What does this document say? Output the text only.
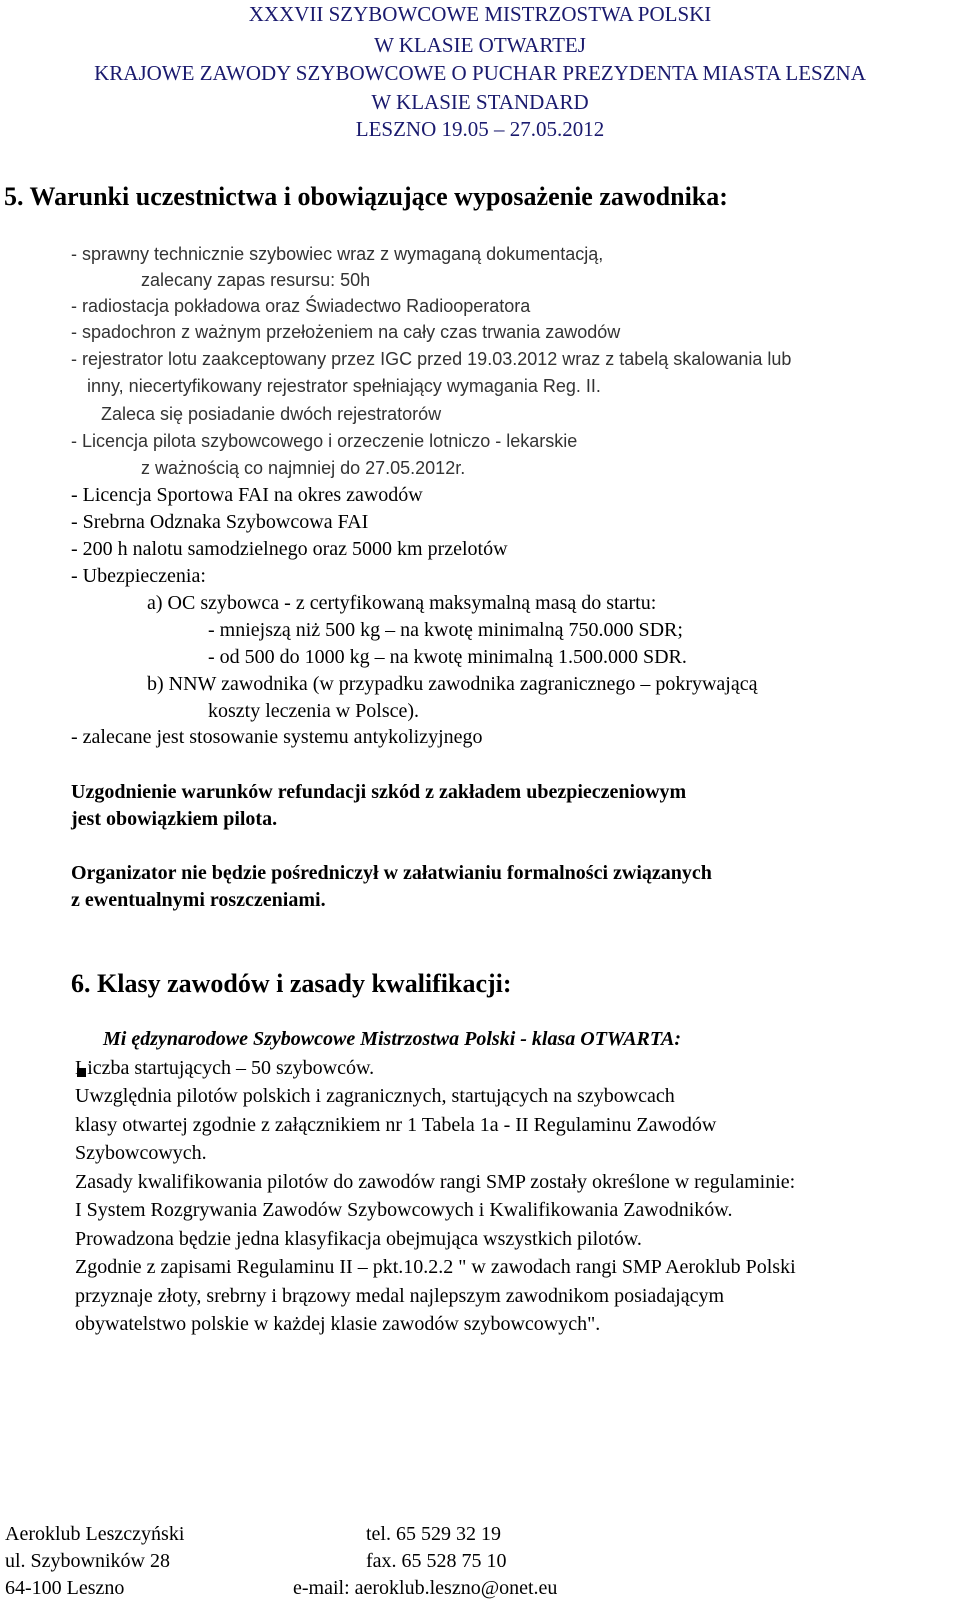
XXXVII SZYBOWCOWE MISTRZOSTWA POLSKI
W KLASIE OTWARTEJ
KRAJOWE ZAWODY SZYBOWCOWE O PUCHAR PREZYDENTA MIASTA LESZNA
W KLASIE STANDARD
LESZNO 19.05 – 27.05.2012
5. Warunki uczestnictwa i obowiązujące wyposażenie zawodnika:
- sprawny technicznie szybowiec wraz z wymaganą dokumentacją,
zalecany zapas resursu: 50h
- radiostacja pokładowa oraz Świadectwo Radiooperatora
- spadochron z ważnym przełożeniem na cały czas trwania zawodów
- rejestrator lotu zaakceptowany przez IGC przed 19.03.2012 wraz z tabelą skalowania lub
inny, niecertyfikowany rejestrator spełniający wymagania Reg. II.
Zaleca się posiadanie dwóch rejestratorów
- Licencja pilota szybowcowego i orzeczenie lotniczo - lekarskie
z ważnością co najmniej do 27.05.2012r.
- Licencja Sportowa FAI na okres zawodów
- Srebrna Odznaka Szybowcowa FAI
- 200 h nalotu samodzielnego oraz 5000 km przelotów
- Ubezpieczenia:
a) OC szybowca - z certyfikowaną maksymalną masą do startu:
- mniejszą niż 500 kg – na kwotę minimalną 750.000 SDR;
- od 500 do 1000 kg – na kwotę minimalną 1.500.000 SDR.
b) NNW zawodnika (w przypadku zawodnika zagranicznego – pokrywającą
koszty leczenia w Polsce).
- zalecane jest stosowanie systemu antykolizyjnego
Uzgodnienie warunków refundacji szkód z zakładem ubezpieczeniowym
jest obowiązkiem pilota.
Organizator nie będzie pośredniczył w załatwianiu formalności związanych
z ewentualnymi roszczeniami.
6. Klasy zawodów i zasady kwalifikacji:
Mi ędzynarodowe Szybowcowe Mistrzostwa Polski - klasa OTWARTA:
Liczba startujących – 50 szybowców.
Uwzględnia pilotów polskich i zagranicznych, startujących na szybowcach
klasy otwartej zgodnie z załącznikiem nr 1 Tabela 1a - II Regulaminu Zawodów
Szybowcowych.
Zasady kwalifikowania pilotów do zawodów rangi SMP zostały określone w regulaminie:
I System Rozgrywania Zawodów Szybowcowych i Kwalifikowania Zawodników.
Prowadzona będzie jedna klasyfikacja obejmująca wszystkich pilotów.
Zgodnie z zapisami Regulaminu II – pkt.10.2.2 " w zawodach rangi SMP Aeroklub Polski
przyznaje złoty, srebrny i brązowy medal najlepszym zawodnikom posiadającym
obywatelstwo polskie w każdej klasie zawodów szybowcowych".
Aeroklub Leszczyński
ul. Szybowników 28
64-100 Leszno
tel. 65 529 32 19
fax. 65 528 75 10
e-mail: aeroklub.leszno@onet.eu
